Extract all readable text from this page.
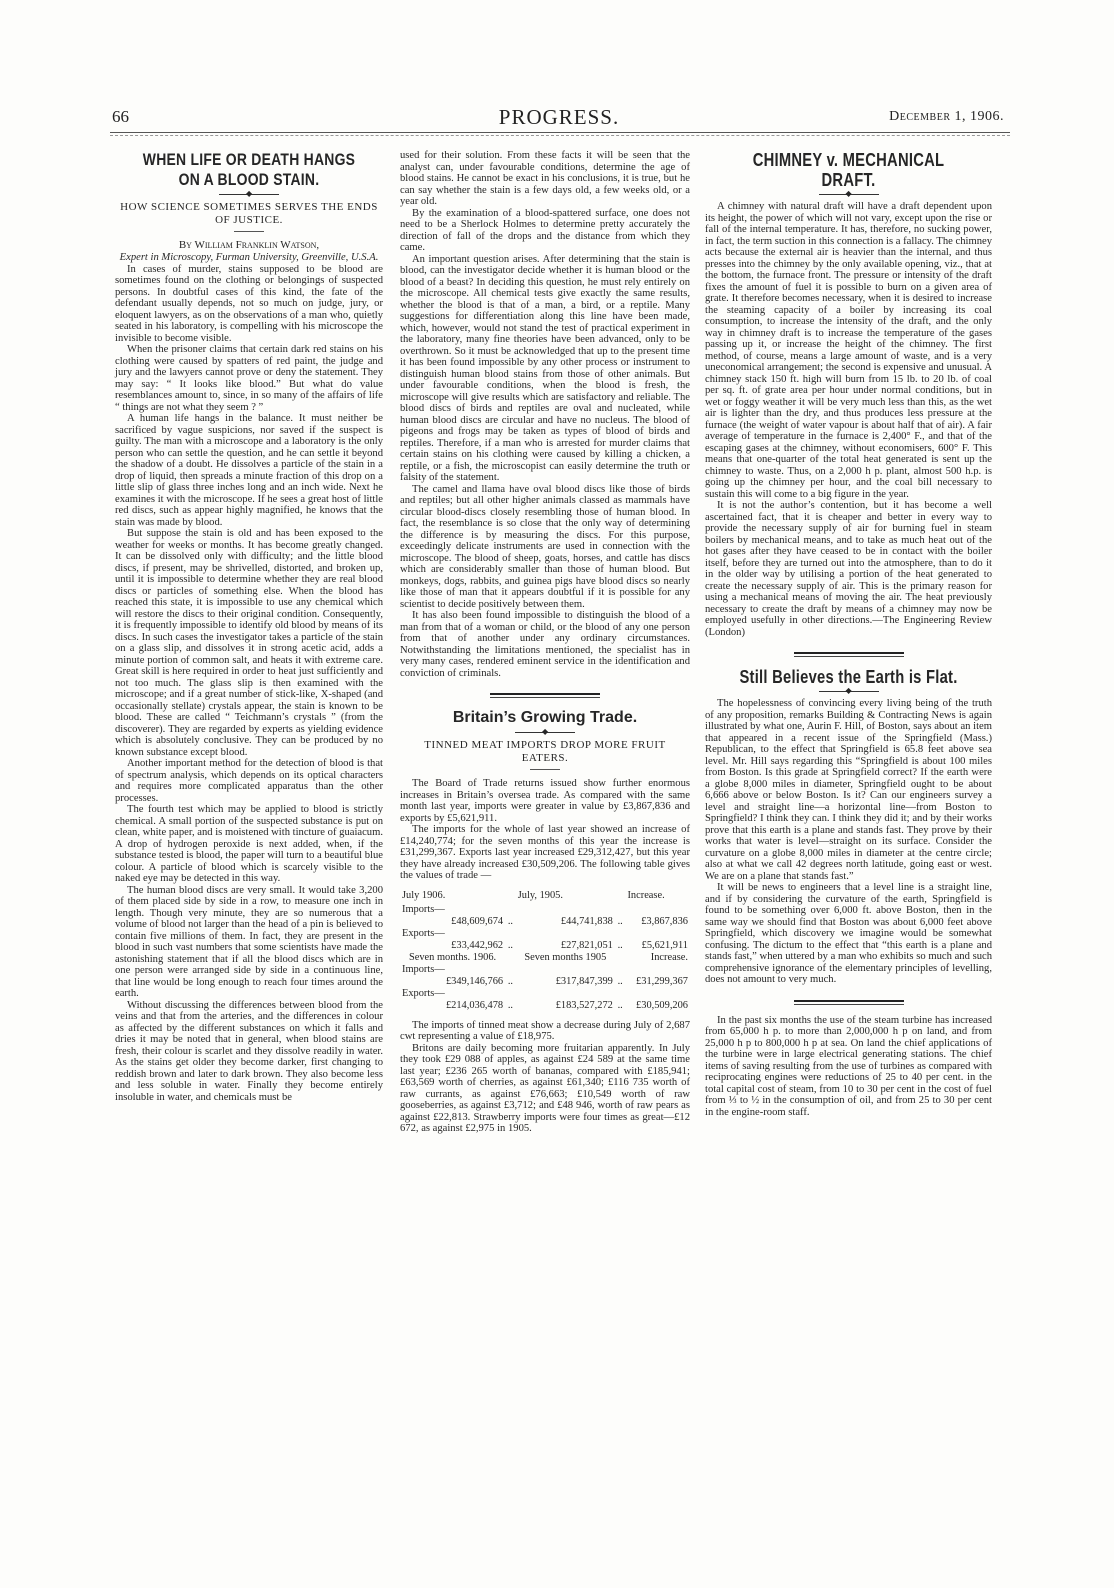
66	PROGRESS.	December 1, 1906.
WHEN LIFE OR DEATH HANGS ON A BLOOD STAIN.
◆

HOW SCIENCE SOMETIMES SERVES THE ENDS OF JUSTICE.

By William Franklin Watson,

Expert in Microscopy, Furman University, Greenville, U.S.A.

In cases of murder, stains supposed to be blood are sometimes found on the clothing or belongings of suspected persons. In doubtful cases of this kind, the fate of the defendant usually depends, not so much on judge, jury, or eloquent lawyers, as on the observations of a man who, quietly seated in his laboratory, is compelling with his microscope the invisible to become visible.

When the prisoner claims that certain dark red stains on his clothing were caused by spatters of red paint, the judge and jury and the lawyers cannot prove or deny the statement. They may say: “ It looks like blood.” But what do value resemblances amount to, since, in so many of the affairs of life “ things are not what they seem ? ”

A human life hangs in the balance. It must neither be sacrificed by vague suspicions, nor saved if the suspect is guilty. The man with a microscope and a laboratory is the only person who can settle the question, and he can settle it beyond the shadow of a doubt. He dissolves a particle of the stain in a drop of liquid, then spreads a minute fraction of this drop on a little slip of glass three inches long and an inch wide. Next he examines it with the microscope. If he sees a great host of little red discs, such as appear highly magnified, he knows that the stain was made by blood.

But suppose the stain is old and has been exposed to the weather for weeks or months. It has become greatly changed. It can be dissolved only with difficulty; and the little blood discs, if present, may be shrivelled, distorted, and broken up, until it is impossible to determine whether they are real blood discs or particles of something else. When the blood has reached this state, it is impossible to use any chemical which will restore the discs to their original condition. Consequently, it is frequently impossible to identify old blood by means of its discs. In such cases the investigator takes a particle of the stain on a glass slip, and dissolves it in strong acetic acid, adds a minute portion of common salt, and heats it with extreme care. Great skill is here required in order to heat just sufficiently and not too much. The glass slip is then examined with the microscope; and if a great number of stick-like, X-shaped (and occasionally stellate) crystals appear, the stain is known to be blood. These are called “ Teichmann’s crystals ” (from the discoverer). They are regarded by experts as yielding evidence which is absolutely conclusive. They can be produced by no known substance except blood.

Another important method for the detection of blood is that of spectrum analysis, which depends on its optical characters and requires more complicated apparatus than the other processes.

The fourth test which may be applied to blood is strictly chemical. A small portion of the suspected substance is put on clean, white paper, and is moistened with tincture of guaiacum. A drop of hydrogen peroxide is next added, when, if the substance tested is blood, the paper will turn to a beautiful blue colour. A particle of blood which is scarcely visible to the naked eye may be detected in this way.

The human blood discs are very small. It would take 3,200 of them placed side by side in a row, to measure one inch in length. Though very minute, they are so numerous that a volume of blood not larger than the head of a pin is believed to contain five millions of them. In fact, they are present in the blood in such vast numbers that some scientists have made the astonishing statement that if all the blood discs which are in one person were arranged side by side in a continuous line, that line would be long enough to reach four times around the earth.

Without discussing the differences between blood from the veins and that from the arteries, and the differences in colour as affected by the different substances on which it falls and dries it may be noted that in general, when blood stains are fresh, their colour is scarlet and they dissolve readily in water. As the stains get older they become darker, first changing to reddish brown and later to dark brown. They also become less and less soluble in water. Finally they become entirely insoluble in water, and chemicals must be

used for their solution. From these facts it will be seen that the analyst can, under favourable conditions, determine the age of blood stains. He cannot be exact in his conclusions, it is true, but he can say whether the stain is a few days old, a few weeks old, or a year old.

By the examination of a blood-spattered surface, one does not need to be a Sherlock Holmes to determine pretty accurately the direction of fall of the drops and the distance from which they came.

An important question arises. After determining that the stain is blood, can the investigator decide whether it is human blood or the blood of a beast? In deciding this question, he must rely entirely on the microscope. All chemical tests give exactly the same results, whether the blood is that of a man, a bird, or a reptile. Many suggestions for differentiation along this line have been made, which, however, would not stand the test of practical experiment in the laboratory, many fine theories have been advanced, only to be overthrown. So it must be acknowledged that up to the present time it has been found impossible by any other process or instrument to distinguish human blood stains from those of other animals. But under favourable conditions, when the blood is fresh, the microscope will give results which are satisfactory and reliable. The blood discs of birds and reptiles are oval and nucleated, while human blood discs are circular and have no nucleus. The blood of pigeons and frogs may be taken as types of blood of birds and reptiles. Therefore, if a man who is arrested for murder claims that certain stains on his clothing were caused by killing a chicken, a reptile, or a fish, the microscopist can easily determine the truth or falsity of the statement.

The camel and llama have oval blood discs like those of birds and reptiles; but all other higher animals classed as mammals have circular blood-discs closely resembling those of human blood. In fact, the resemblance is so close that the only way of determining the difference is by measuring the discs. For this purpose, exceedingly delicate instruments are used in connection with the microscope. The blood of sheep, goats, horses, and cattle has discs which are considerably smaller than those of human blood. But monkeys, dogs, rabbits, and guinea pigs have blood discs so nearly like those of man that it appears doubtful if it is possible for any scientist to decide positively between them.

It has also been found impossible to distinguish the blood of a man from that of a woman or child, or the blood of any one person from that of another under any ordinary circumstances. Notwithstanding the limitations mentioned, the specialist has in very many cases, rendered eminent service in the identification and conviction of criminals.

Britain’s Growing Trade.
◆

TINNED MEAT IMPORTS DROP MORE FRUIT EATERS.

The Board of Trade returns issued show further enormous increases in Britain’s oversea trade. As compared with the same month last year, imports were greater in value by £3,867,836 and exports by £5,621,911.

The imports for the whole of last year showed an increase of £14,240,774; for the seven months of this year the increase is £31,299,367. Exports last year increased £29,312,427, but this year they have already increased £30,509,206. The following table gives the values of trade —

July 1906.		July, 1905.		Increase.
Imports—				
£48,609,674	..	£44,741,838	..	£3,867,836
Exports—				
£33,442,962	..	£27,821,051	..	£5,621,911
Seven months. 1906.		Seven months 1905		Increase.
Imports—				
£349,146,766	..	£317,847,399	..	£31,299,367
Exports—				
£214,036,478	..	£183,527,272	..	£30,509,206

The imports of tinned meat show a decrease during July of 2,687 cwt representing a value of £18,975.

Britons are daily becoming more fruitarian apparently. In July they took £29 088 of apples, as against £24 589 at the same time last year; £236 265 worth of bananas, compared with £185,941; £63,569 worth of cherries, as against £61,340; £116 735 worth of raw currants, as against £76,663; £10,549 worth of raw gooseberries, as against £3,712; and £48 946, worth of raw pears as against £22,813. Strawberry imports were four times as great—£12 672, as against £2,975 in 1905.

CHIMNEY v. MECHANICAL DRAFT.
◆

A chimney with natural draft will have a draft dependent upon its height, the power of which will not vary, except upon the rise or fall of the internal temperature. It has, therefore, no sucking power, in fact, the term suction in this connection is a fallacy. The chimney acts because the external air is heavier than the internal, and thus presses into the chimney by the only available opening, viz., that at the bottom, the furnace front. The pressure or intensity of the draft fixes the amount of fuel it is possible to burn on a given area of grate. It therefore becomes necessary, when it is desired to increase the steaming capacity of a boiler by increasing its coal consumption, to increase the intensity of the draft, and the only way in chimney draft is to increase the temperature of the gases passing up it, or increase the height of the chimney. The first method, of course, means a large amount of waste, and is a very uneconomical arrangement; the second is expensive and unusual. A chimney stack 150 ft. high will burn from 15 lb. to 20 lb. of coal per sq. ft. of grate area per hour under normal conditions, but in wet or foggy weather it will be very much less than this, as the wet air is lighter than the dry, and thus produces less pressure at the furnace (the weight of water vapour is about half that of air). A fair average of temperature in the furnace is 2,400° F., and that of the escaping gases at the chimney, without economisers, 600° F. This means that one-quarter of the total heat generated is sent up the chimney to waste. Thus, on a 2,000 h p. plant, almost 500 h.p. is going up the chimney per hour, and the coal bill necessary to sustain this will come to a big figure in the year.

It is not the author’s contention, but it has become a well ascertained fact, that it is cheaper and better in every way to provide the necessary supply of air for burning fuel in steam boilers by mechanical means, and to take as much heat out of the hot gases after they have ceased to be in contact with the boiler itself, before they are turned out into the atmosphere, than to do it in the older way by utilising a portion of the heat generated to create the necessary supply of air. This is the primary reason for using a mechanical means of moving the air. The heat previously necessary to create the draft by means of a chimney may now be employed usefully in other directions.—The Engineering Review (London)

Still Believes the Earth is Flat.
◆

The hopelessness of convincing every living being of the truth of any proposition, remarks Building & Contracting News is again illustrated by what one, Aurin F. Hill, of Boston, says about an item that appeared in a recent issue of the Springfield (Mass.) Republican, to the effect that Springfield is 65.8 feet above sea level. Mr. Hill says regarding this “Springfield is about 100 miles from Boston. Is this grade at Springfield correct? If the earth were a globe 8,000 miles in diameter, Springfield ought to be about 6,666 above or below Boston. Is it? Can our engineers survey a level and straight line—a horizontal line—from Boston to Springfield? I think they can. I think they did it; and by their works prove that this earth is a plane and stands fast. They prove by their works that water is level—straight on its surface. Consider the curvature on a globe 8,000 miles in diameter at the centre circle; also at what we call 42 degrees north latitude, going east or west. We are on a plane that stands fast.”

It will be news to engineers that a level line is a straight line, and if by considering the curvature of the earth, Springfield is found to be something over 6,000 ft. above Boston, then in the same way we should find that Boston was about 6,000 feet above Springfield, which discovery we imagine would be somewhat confusing. The dictum to the effect that “this earth is a plane and stands fast,” when uttered by a man who exhibits so much and such comprehensive ignorance of the elementary principles of levelling, does not amount to very much.

In the past six months the use of the steam turbine has increased from 65,000 h p. to more than 2,000,000 h p on land, and from 25,000 h p to 800,000 h p at sea. On land the chief applications of the turbine were in large electrical generating stations. The chief items of saving resulting from the use of turbines as compared with reciprocating engines were reductions of 25 to 40 per cent. in the total capital cost of steam, from 10 to 30 per cent in the cost of fuel from ⅓ to ½ in the consumption of oil, and from 25 to 30 per cent in the engine-room staff.
